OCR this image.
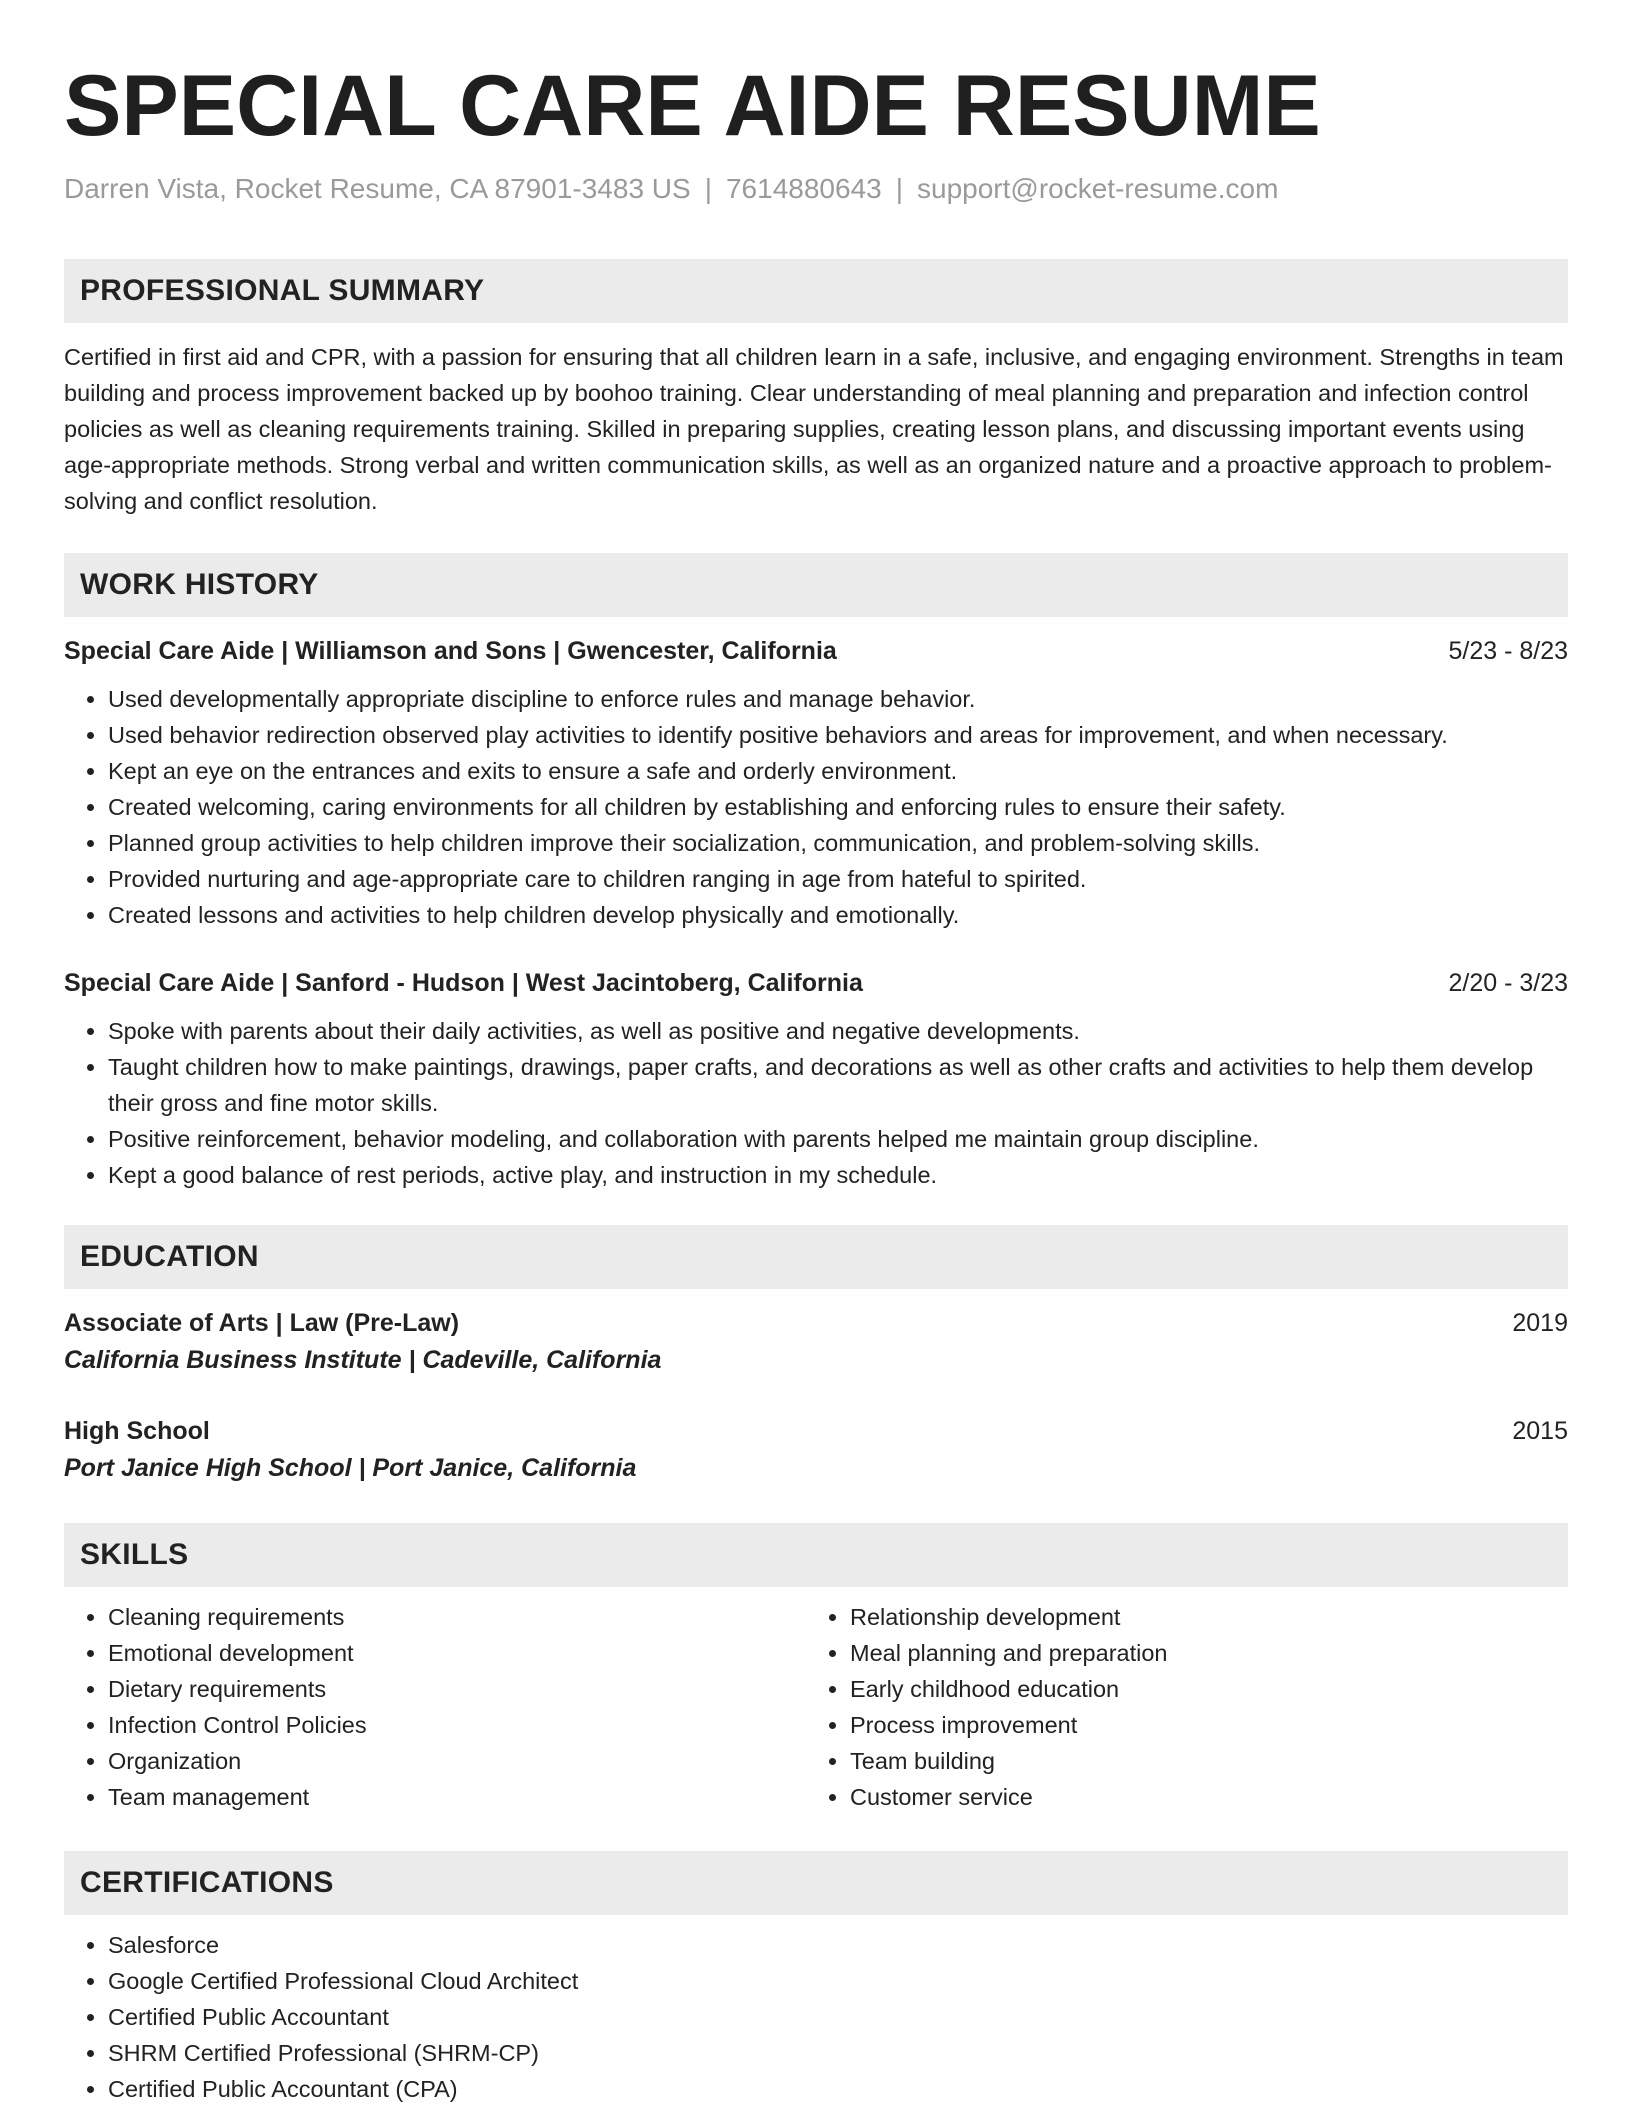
SPECIAL CARE AIDE RESUME
Darren Vista, Rocket Resume, CA 87901-3483 US | 7614880643 | support@rocket-resume.com
PROFESSIONAL SUMMARY
Certified in first aid and CPR, with a passion for ensuring that all children learn in a safe, inclusive, and engaging environment. Strengths in team building and process improvement backed up by boohoo training. Clear understanding of meal planning and preparation and infection control policies as well as cleaning requirements training. Skilled in preparing supplies, creating lesson plans, and discussing important events using age-appropriate methods. Strong verbal and written communication skills, as well as an organized nature and a proactive approach to problem-solving and conflict resolution.
WORK HISTORY
Special Care Aide | Williamson and Sons | Gwencester, California	5/23 - 8/23
• Used developmentally appropriate discipline to enforce rules and manage behavior.
• Used behavior redirection observed play activities to identify positive behaviors and areas for improvement, and when necessary.
• Kept an eye on the entrances and exits to ensure a safe and orderly environment.
• Created welcoming, caring environments for all children by establishing and enforcing rules to ensure their safety.
• Planned group activities to help children improve their socialization, communication, and problem-solving skills.
• Provided nurturing and age-appropriate care to children ranging in age from hateful to spirited.
• Created lessons and activities to help children develop physically and emotionally.
Special Care Aide | Sanford - Hudson | West Jacintoberg, California	2/20 - 3/23
• Spoke with parents about their daily activities, as well as positive and negative developments.
• Taught children how to make paintings, drawings, paper crafts, and decorations as well as other crafts and activities to help them develop their gross and fine motor skills.
• Positive reinforcement, behavior modeling, and collaboration with parents helped me maintain group discipline.
• Kept a good balance of rest periods, active play, and instruction in my schedule.
EDUCATION
Associate of Arts | Law (Pre-Law)	2019
California Business Institute | Cadeville, California
High School	2015
Port Janice High School | Port Janice, California
SKILLS
• Cleaning requirements
• Emotional development
• Dietary requirements
• Infection Control Policies
• Organization
• Team management
• Relationship development
• Meal planning and preparation
• Early childhood education
• Process improvement
• Team building
• Customer service
CERTIFICATIONS
• Salesforce
• Google Certified Professional Cloud Architect
• Certified Public Accountant
• SHRM Certified Professional (SHRM-CP)
• Certified Public Accountant (CPA)
